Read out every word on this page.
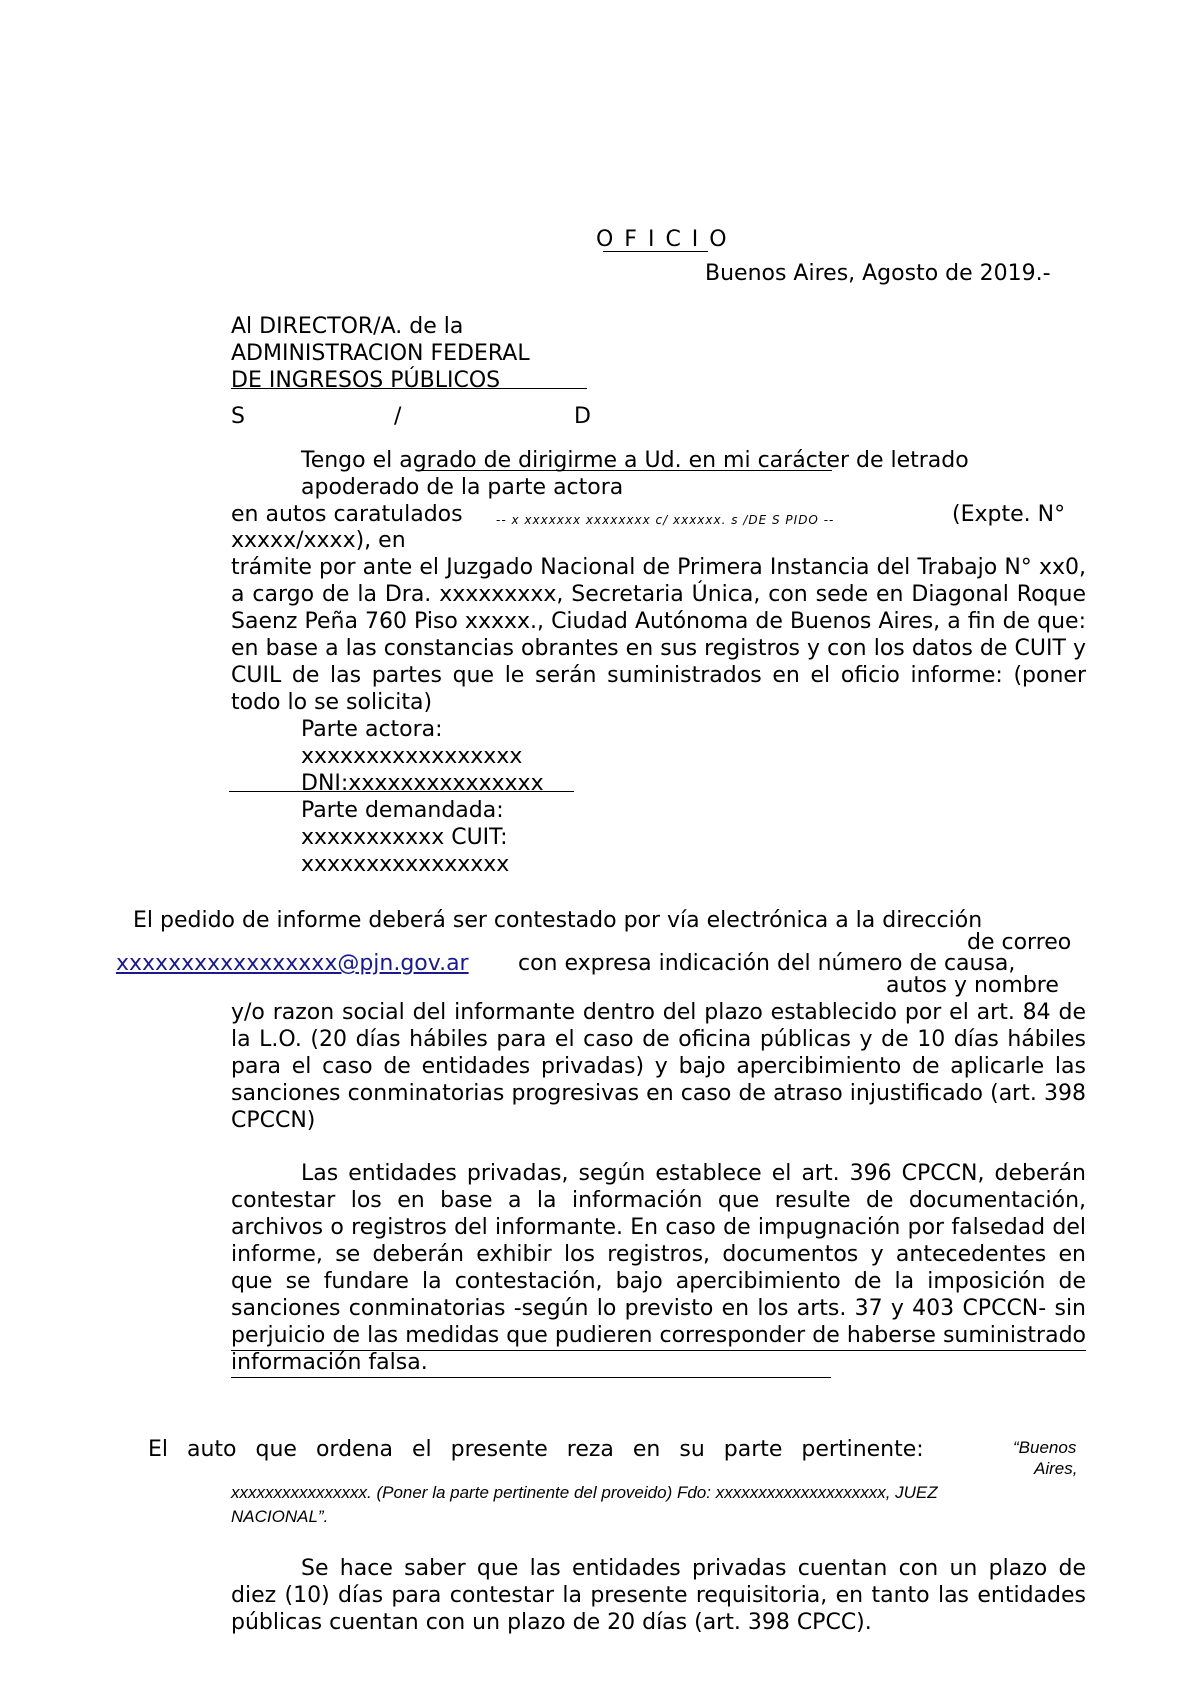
O F I C I O

Buenos Aires, Agosto de 2019.-

Al DIRECTOR/A. de la

ADMINISTRACION FEDERAL

DE INGRESOS PÚBLICOS

S	/	D

Tengo el agrado de dirigirme a Ud. en mi carácter de letrado

apoderado de la parte actora

en autos caratulados	-- x xxxxxxx xxxxxxxx c/ xxxxxx. s /DE S PIDO --	(Expte. N°

xxxxx/xxxx), en

trámite por ante el Juzgado Nacional de Primera Instancia del Trabajo N° xx0, a cargo de la Dra. xxxxxxxxx, Secretaria Única, con sede en Diagonal Roque Saenz Peña 760 Piso xxxxx., Ciudad Autónoma de Buenos Aires, a fin de que: en base a las constancias obrantes en sus registros y con los datos de CUIT y CUIL de las partes que le serán suministrados en el oficio informe: (poner todo lo se solicita)

Parte actora:

xxxxxxxxxxxxxxxxx

DNI:xxxxxxxxxxxxxxx

Parte demandada:

xxxxxxxxxxx CUIT:

xxxxxxxxxxxxxxxx

El pedido de informe deberá ser contestado por vía electrónica a la dirección

de correo

xxxxxxxxxxxxxxxxx@pjn.gov.ar con expresa indicación del número de causa,

autos y nombre

y/o razon social del informante dentro del plazo establecido por el art. 84 de la L.O. (20 días hábiles para el caso de oficina públicas y de 10 días hábiles para el caso de entidades privadas) y bajo apercibimiento de aplicarle las sanciones conminatorias progresivas en caso de atraso injustificado (art. 398 CPCCN)

Las entidades privadas, según establece el art. 396 CPCCN, deberán contestar los en base a la información que resulte de documentación, archivos o registros del informante. En caso de impugnación por falsedad del informe, se deberán exhibir los registros, documentos y antecedentes en que se fundare la contestación, bajo apercibimiento de la imposición de sanciones conminatorias -según lo previsto en los arts. 37 y 403 CPCCN- sin perjuicio de las medidas que pudieren corresponder de haberse suministrado información falsa.

El auto que ordena el presente reza en su parte pertinente:	“Buenos

Aires,

xxxxxxxxxxxxxxxx. (Poner la parte pertinente del proveido) Fdo: xxxxxxxxxxxxxxxxxxxx, JUEZ

NACIONAL”.

Se hace saber que las entidades privadas cuentan con un plazo de diez (10) días para contestar la presente requisitoria, en tanto las entidades públicas cuentan con un plazo de 20 días (art. 398 CPCC).
